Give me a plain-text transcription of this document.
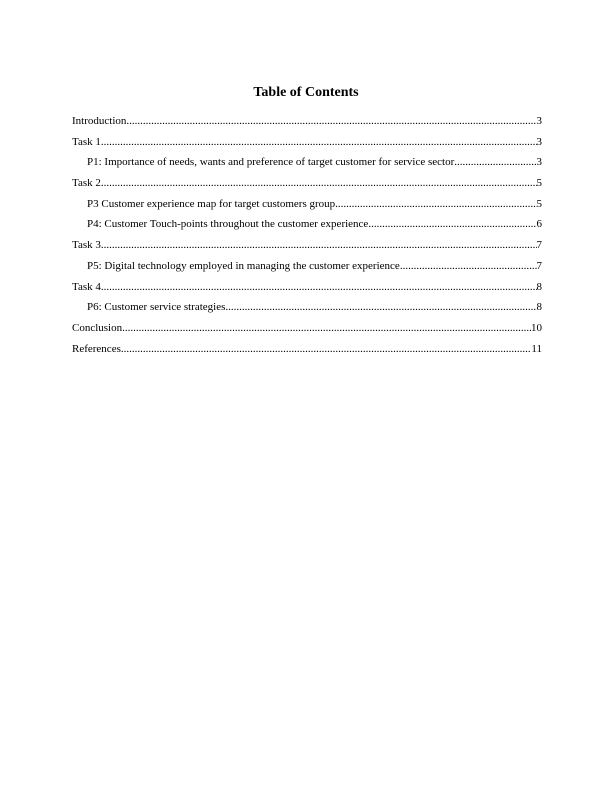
Table of Contents
Introduction .....	3
Task 1 .....	3
P1: Importance of needs, wants and preference of target customer for service sector .....	3
Task 2 .....	5
P3 Customer experience map for target customers group .....	5
P4: Customer Touch-points throughout the customer experience .....	6
Task 3 .....	7
P5: Digital technology employed in managing the customer experience .....	7
Task 4 .....	8
P6: Customer service strategies .....	8
Conclusion .....	10
References .....	11
